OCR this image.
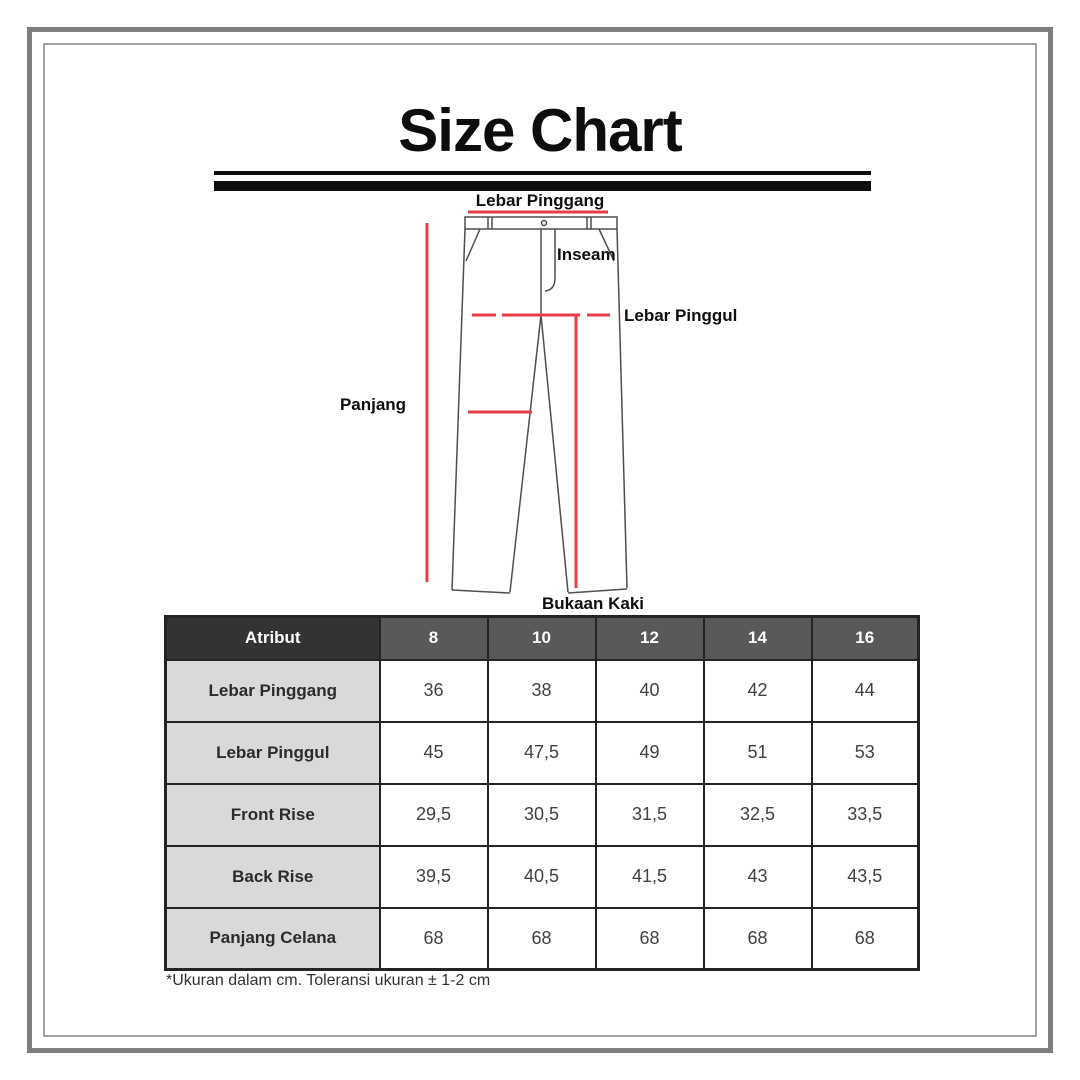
Size Chart
Lebar Pinggang
Inseam
Lebar Pinggul
Panjang
Bukaan Kaki
Atribut	8	10	12	14	16
Lebar Pinggang	36	38	40	42	44
Lebar Pinggul	45	47,5	49	51	53
Front Rise	29,5	30,5	31,5	32,5	33,5
Back Rise	39,5	40,5	41,5	43	43,5
Panjang Celana	68	68	68	68	68
*Ukuran dalam cm. Toleransi ukuran ± 1-2 cm
